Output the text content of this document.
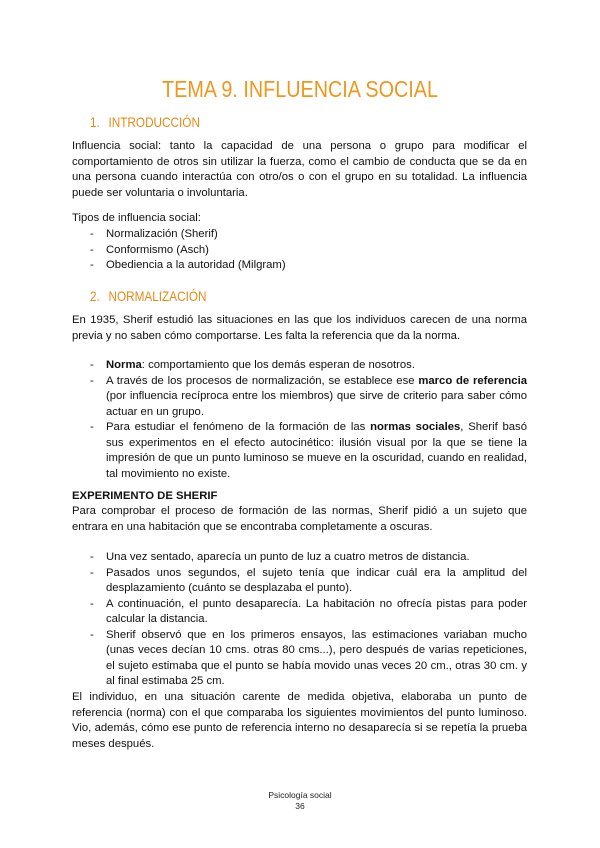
TEMA 9. INFLUENCIA SOCIAL
1. INTRODUCCIÓN
Influencia social: tanto la capacidad de una persona o grupo para modificar el comportamiento de otros sin utilizar la fuerza, como el cambio de conducta que se da en una persona cuando interactúa con otro/os o con el grupo en su totalidad. La influencia puede ser voluntaria o involuntaria.
Tipos de influencia social:
- Normalización (Sherif)
- Conformismo (Asch)
- Obediencia a la autoridad (Milgram)
2. NORMALIZACIÓN
En 1935, Sherif estudió las situaciones en las que los individuos carecen de una norma previa y no saben cómo comportarse. Les falta la referencia que da la norma.
- Norma: comportamiento que los demás esperan de nosotros.
- A través de los procesos de normalización, se establece ese marco de referencia (por influencia recíproca entre los miembros) que sirve de criterio para saber cómo actuar en un grupo.
- Para estudiar el fenómeno de la formación de las normas sociales, Sherif basó sus experimentos en el efecto autocinético: ilusión visual por la que se tiene la impresión de que un punto luminoso se mueve en la oscuridad, cuando en realidad, tal movimiento no existe.
EXPERIMENTO DE SHERIF
Para comprobar el proceso de formación de las normas, Sherif pidió a un sujeto que entrara en una habitación que se encontraba completamente a oscuras.
- Una vez sentado, aparecía un punto de luz a cuatro metros de distancia.
- Pasados unos segundos, el sujeto tenía que indicar cuál era la amplitud del desplazamiento (cuánto se desplazaba el punto).
- A continuación, el punto desaparecía. La habitación no ofrecía pistas para poder calcular la distancia.
- Sherif observó que en los primeros ensayos, las estimaciones variaban mucho (unas veces decían 10 cms. otras 80 cms...), pero después de varias repeticiones, el sujeto estimaba que el punto se había movido unas veces 20 cm., otras 30 cm. y al final estimaba 25 cm.
El individuo, en una situación carente de medida objetiva, elaboraba un punto de referencia (norma) con el que comparaba los siguientes movimientos del punto luminoso. Vio, además, cómo ese punto de referencia interno no desaparecía si se repetía la prueba meses después.
Psicología social
36
